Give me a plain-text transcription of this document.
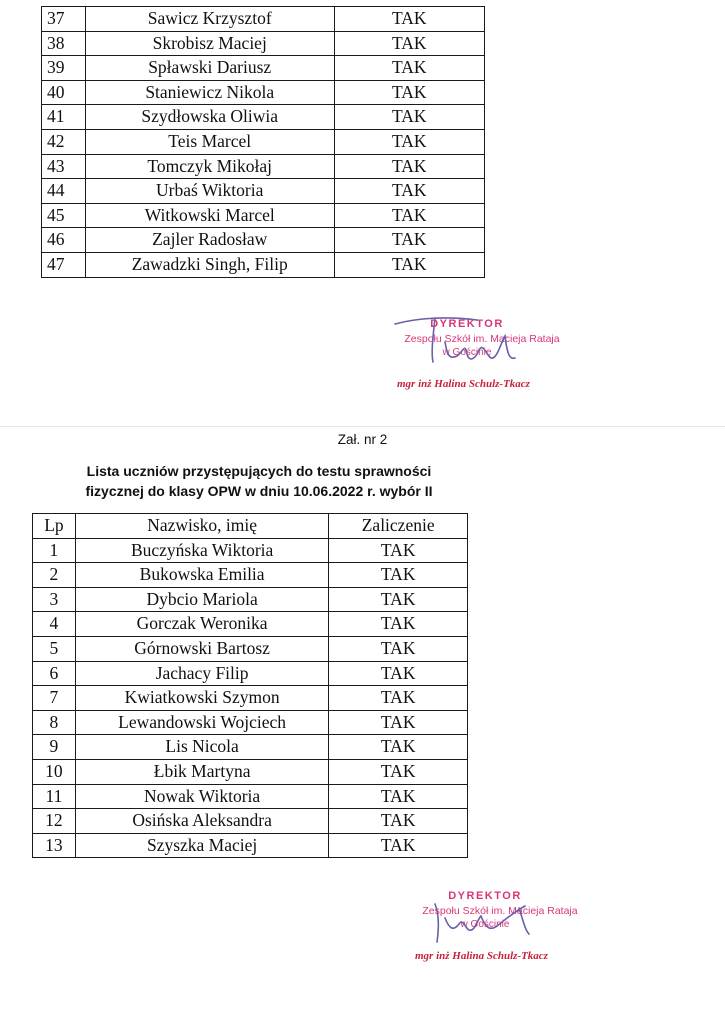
37	Sawicz Krzysztof	TAK
38	Skrobisz Maciej	TAK
39	Spławski Dariusz	TAK
40	Staniewicz Nikola	TAK
41	Szydłowska Oliwia	TAK
42	Teis Marcel	TAK
43	Tomczyk Mikołaj	TAK
44	Urbaś Wiktoria	TAK
45	Witkowski Marcel	TAK
46	Zajler Radosław	TAK
47	Zawadzki Singh, Filip	TAK
DYREKTOR
Zespołu Szkół im. Macieja Rataja
w Gościnie
mgr inż Halina Schulz-Tkacz
Zał. nr 2
Lista uczniów przystępujących do testu sprawności
fizycznej do klasy OPW w dniu 10.06.2022 r. wybór II
Lp	Nazwisko, imię	Zaliczenie
1	Buczyńska Wiktoria	TAK
2	Bukowska Emilia	TAK
3	Dybcio Mariola	TAK
4	Gorczak Weronika	TAK
5	Górnowski Bartosz	TAK
6	Jachacy Filip	TAK
7	Kwiatkowski Szymon	TAK
8	Lewandowski Wojciech	TAK
9	Lis Nicola	TAK
10	Łbik Martyna	TAK
11	Nowak Wiktoria	TAK
12	Osińska Aleksandra	TAK
13	Szyszka Maciej	TAK
DYREKTOR
Zespołu Szkół im. Macieja Rataja
w Gościnie
mgr inż Halina Schulz-Tkacz
